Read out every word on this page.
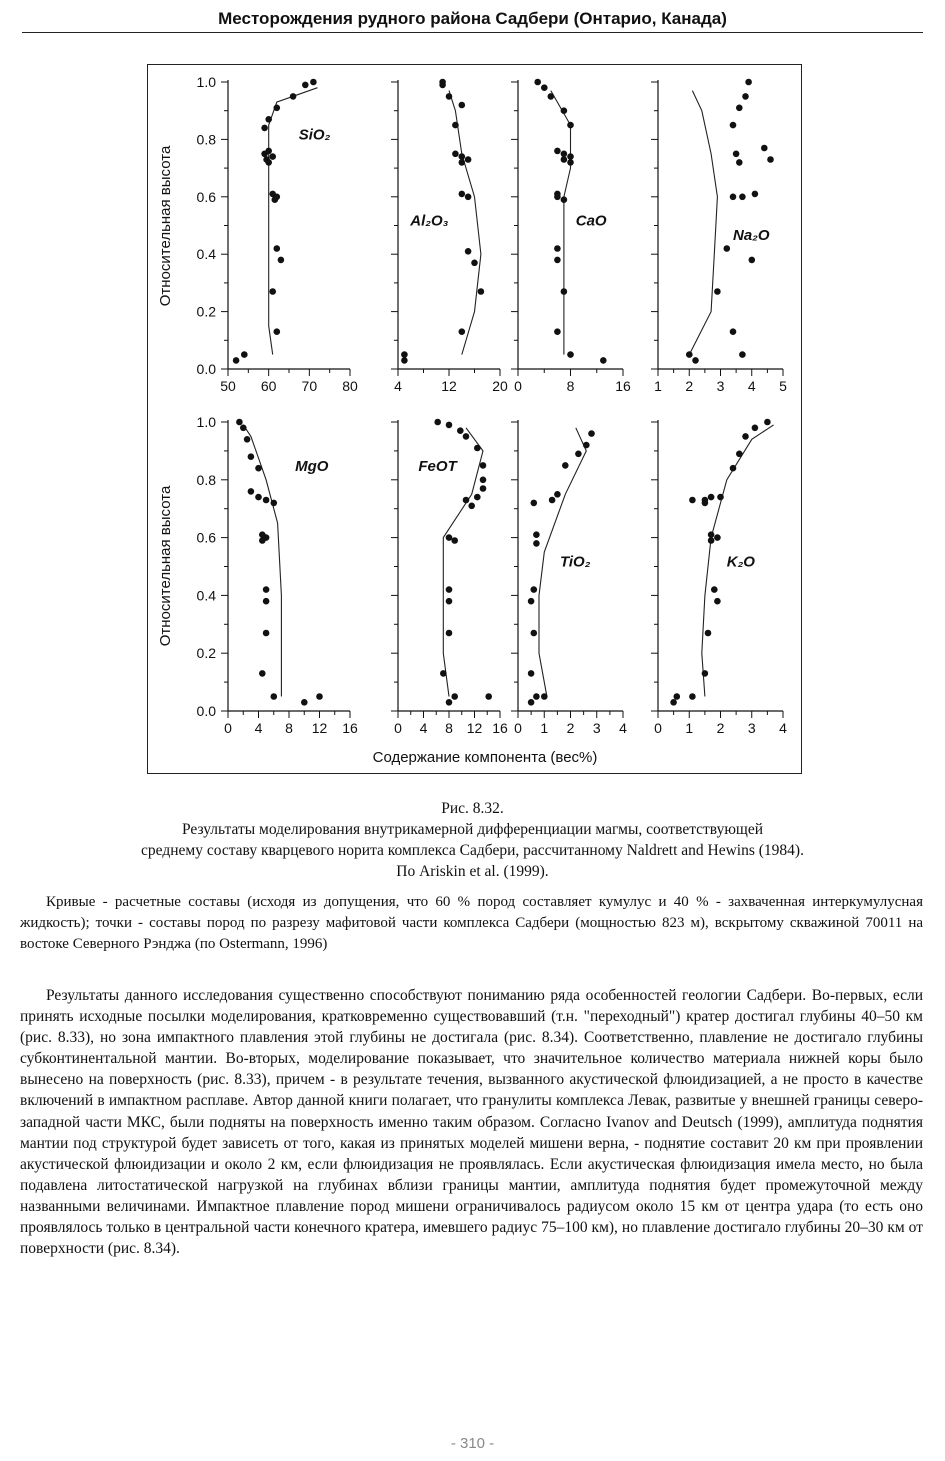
Месторождения рудного района Садбери (Онтарио, Канада)
Относительная высота
Относительная высота
Содержание компонента (вес%)
0.0
0.2
0.4
0.6
0.8
1.0
50 60 70 80
SiO₂
4	12	20
Al₂O₃
0	8	16
CaO
1 2 3 4 5
Na₂O
0.0
0.2
0.4
0.6
0.8
1.0
0 4 8 12 16
MgO
0 4 8 12 16
FeOT
0 1 2 3 4
TiO₂
0 1 2 3 4
K₂O
Рис. 8.32.
Результаты моделирования внутрикамерной дифференциации магмы, соответствующей
среднему составу кварцевого норита комплекса Садбери, рассчитанному Naldrett and Hewins (1984).
По Ariskin et al. (1999).
Кривые - расчетные составы (исходя из допущения, что 60 % пород составляет кумулус и 40 % - захваченная интеркумулусная жидкость); точки - составы пород по разрезу мафитовой части комплекса Садбери (мощностью 823 м), вскрытому скважиной 70011 на востоке Северного Рэнджа (по Ostermann, 1996)
Результаты данного исследования существенно способствуют пониманию ряда особенностей геологии Садбери. Во-первых, если принять исходные посылки моделирования, кратковременно существовавший (т.н. "переходный") кратер достигал глубины 40–50 км (рис. 8.33), но зона импактного плавления этой глубины не достигала (рис. 8.34). Соответственно, плавление не достигало глубины субконтинентальной мантии. Во-вторых, моделирование показывает, что значительное количество материала нижней коры было вынесено на поверхность (рис. 8.33), причем - в результате течения, вызванного акустической флюидизацией, а не просто в качестве включений в импактном расплаве. Автор данной книги полагает, что гранулиты комплекса Левак, развитые у внешней границы северо-западной части МКС, были подняты на поверхность именно таким образом. Согласно Ivanov and Deutsch (1999), амплитуда поднятия мантии под структурой будет зависеть от того, какая из принятых моделей мишени верна, - поднятие составит 20 км при проявлении акустической флюидизации и около 2 км, если флюидизация не проявлялась. Если акустическая флюидизация имела место, но была подавлена литостатической нагрузкой на глубинах вблизи границы мантии, амплитуда поднятия будет промежуточной между названными величинами. Импактное плавление пород мишени ограничивалось радиусом около 15 км от центра удара (то есть оно проявлялось только в центральной части конечного кратера, имевшего радиус 75–100 км), но плавление достигало глубины 20–30 км от поверхности (рис. 8.34).
- 310 -
